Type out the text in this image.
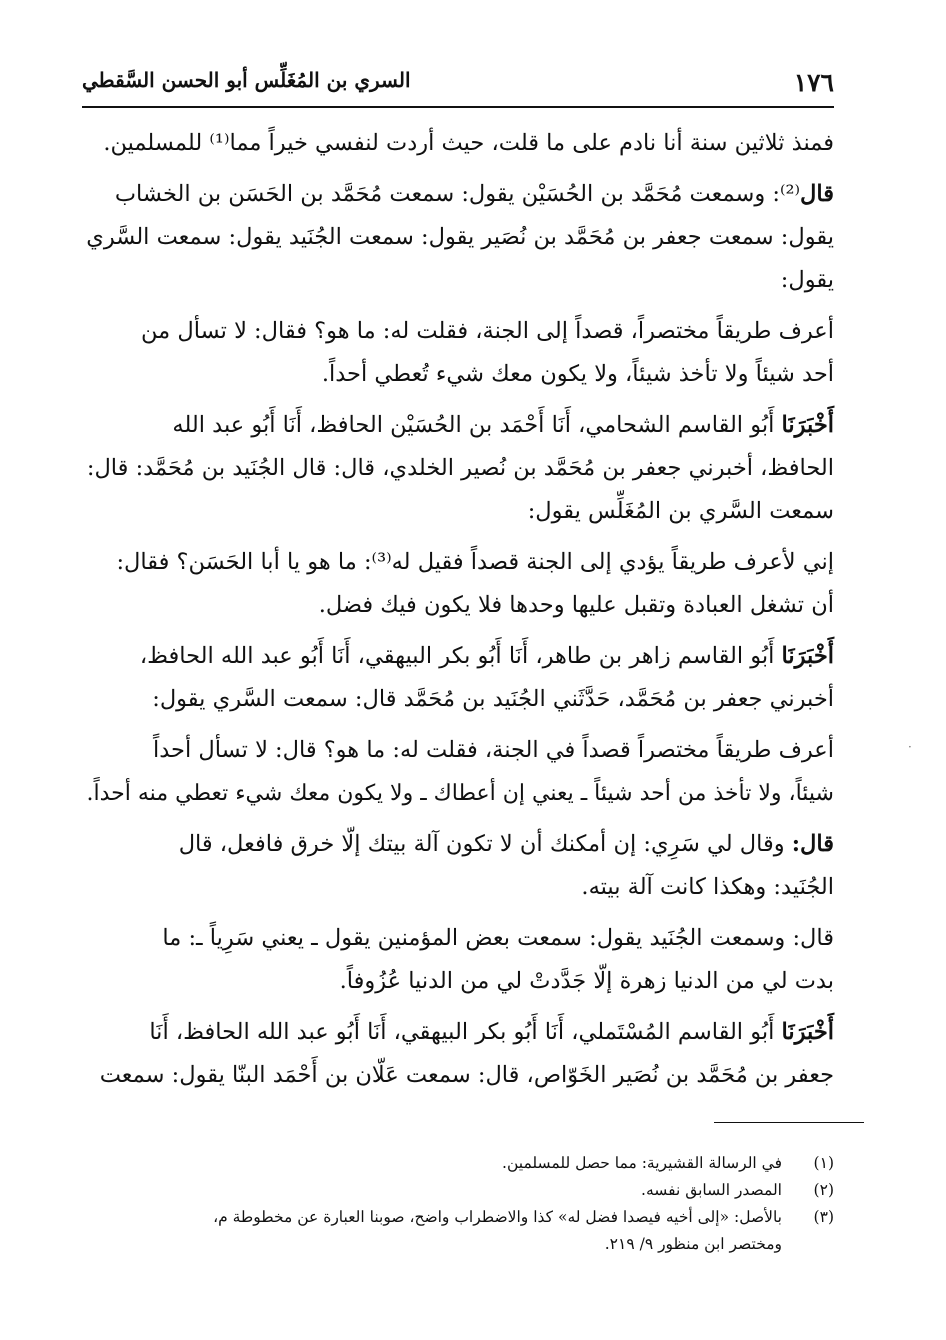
١٧٦
السري بن المُغَلِّس أبو الحسن السَّقطي
فمنذ ثلاثين سنة أنا نادم على ما قلت، حيث أردت لنفسي خيراً مما⁽¹⁾ للمسلمين.
قال⁽²⁾: وسمعت مُحَمَّد بن الحُسَيْن يقول: سمعت مُحَمَّد بن الحَسَن بن الخشاب
يقول: سمعت جعفر بن مُحَمَّد بن نُصَير يقول: سمعت الجُنَيد يقول: سمعت السَّري
يقول:
أعرف طريقاً مختصراً، قصداً إلى الجنة، فقلت له: ما هو؟ فقال: لا تسأل من
أحد شيئاً ولا تأخذ شيئاً، ولا يكون معك شيء تُعطي أحداً.
أَخْبَرَنَا أَبُو القاسم الشحامي، أَنَا أَحْمَد بن الحُسَيْن الحافظ، أَنَا أَبُو عبد الله
الحافظ، أخبرني جعفر بن مُحَمَّد بن نُصير الخلدي، قال: قال الجُنَيد بن مُحَمَّد: قال:
سمعت السَّري بن المُغَلِّس يقول:
إني لأعرف طريقاً يؤدي إلى الجنة قصداً فقيل له⁽³⁾: ما هو يا أبا الحَسَن؟ فقال:
أن تشغل العبادة وتقبل عليها وحدها فلا يكون فيك فضل.
أَخْبَرَنَا أَبُو القاسم زاهر بن طاهر، أَنَا أَبُو بكر البيهقي، أَنَا أَبُو عبد الله الحافظ،
أخبرني جعفر بن مُحَمَّد، حَدَّثَني الجُنَيد بن مُحَمَّد قال: سمعت السَّري يقول:
أعرف طريقاً مختصراً قصداً في الجنة، فقلت له: ما هو؟ قال: لا تسأل أحداً
شيئاً، ولا تأخذ من أحد شيئاً ـ يعني إن أعطاك ـ ولا يكون معك شيء تعطي منه أحداً.
قال: وقال لي سَرِي: إن أمكنك أن لا تكون آلة بيتك إلّا خرق فافعل، قال
الجُنَيد: وهكذا كانت آلة بيته.
قال: وسمعت الجُنَيد يقول: سمعت بعض المؤمنين يقول ـ يعني سَرِياً ـ: ما
بدت لي من الدنيا زهرة إلّا جَدَّدتْ لي من الدنيا عُزُوفاً.
أَخْبَرَنَا أَبُو القاسم المُسْتَملي، أَنَا أَبُو بكر البيهقي، أَنَا أَبُو عبد الله الحافظ، أَنَا
جعفر بن مُحَمَّد بن نُصَير الخَوّاص، قال: سمعت عَلّان بن أَحْمَد البنّا يقول: سمعت
(١)
في الرسالة القشيرية: مما حصل للمسلمين.
(٢)
المصدر السابق نفسه.
(٣)
بالأصل: «إلى أخيه فيصدا فضل له» كذا والاضطراب واضح، صوبنا العبارة عن مخطوطة م،
ومختصر ابن منظور ٩/ ٢١٩.
·
